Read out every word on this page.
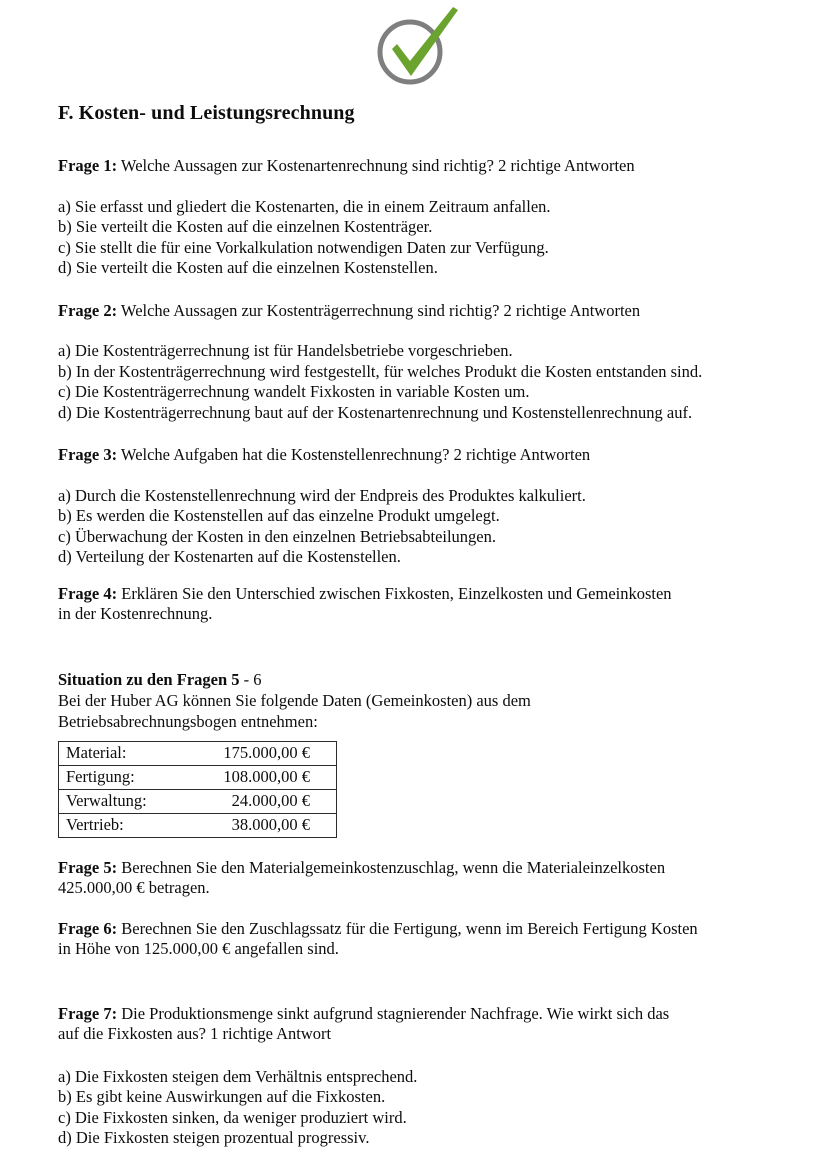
F. Kosten- und Leistungsrechnung

Frage 1: Welche Aussagen zur Kostenartenrechnung sind richtig? 2 richtige Antworten

a) Sie erfasst und gliedert die Kostenarten, die in einem Zeitraum anfallen.

b) Sie verteilt die Kosten auf die einzelnen Kostenträger.

c) Sie stellt die für eine Vorkalkulation notwendigen Daten zur Verfügung.

d) Sie verteilt die Kosten auf die einzelnen Kostenstellen.

Frage 2: Welche Aussagen zur Kostenträgerrechnung sind richtig? 2 richtige Antworten

a) Die Kostenträgerrechnung ist für Handelsbetriebe vorgeschrieben.

b) In der Kostenträgerrechnung wird festgestellt, für welches Produkt die Kosten entstanden sind.

c) Die Kostenträgerrechnung wandelt Fixkosten in variable Kosten um.

d) Die Kostenträgerrechnung baut auf der Kostenartenrechnung und Kostenstellenrechnung auf.

Frage 3: Welche Aufgaben hat die Kostenstellenrechnung? 2 richtige Antworten

a) Durch die Kostenstellenrechnung wird der Endpreis des Produktes kalkuliert.

b) Es werden die Kostenstellen auf das einzelne Produkt umgelegt.

c) Überwachung der Kosten in den einzelnen Betriebsabteilungen.

d) Verteilung der Kostenarten auf die Kostenstellen.

Frage 4: Erklären Sie den Unterschied zwischen Fixkosten, Einzelkosten und Gemeinkosten

in der Kostenrechnung.

Situation zu den Fragen 5 - 6

Bei der Huber AG können Sie folgende Daten (Gemeinkosten) aus dem

Betriebsabrechnungsbogen entnehmen:

Material:	175.000,00 €
Fertigung:	108.000,00 €
Verwaltung:	24.000,00 €
Vertrieb:	38.000,00 €

Frage 5: Berechnen Sie den Materialgemeinkostenzuschlag, wenn die Materialeinzelkosten

425.000,00 € betragen.

Frage 6: Berechnen Sie den Zuschlagssatz für die Fertigung, wenn im Bereich Fertigung Kosten

in Höhe von 125.000,00 € angefallen sind.

Frage 7: Die Produktionsmenge sinkt aufgrund stagnierender Nachfrage. Wie wirkt sich das

auf die Fixkosten aus? 1 richtige Antwort

a) Die Fixkosten steigen dem Verhältnis entsprechend.

b) Es gibt keine Auswirkungen auf die Fixkosten.

c) Die Fixkosten sinken, da weniger produziert wird.

d) Die Fixkosten steigen prozentual progressiv.
